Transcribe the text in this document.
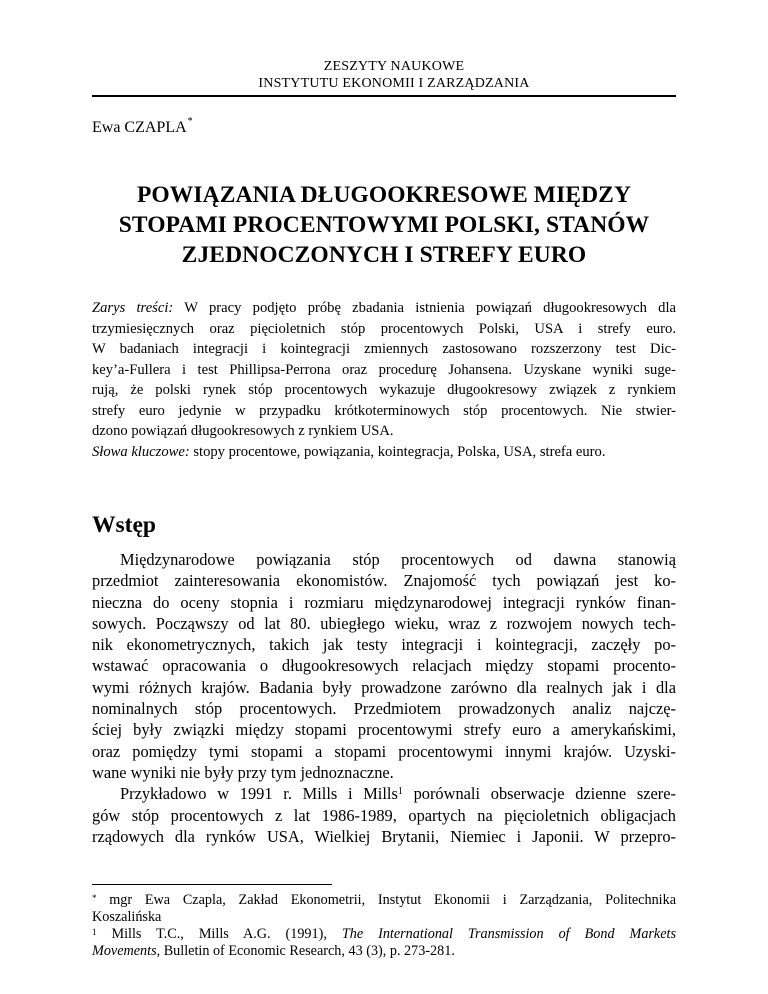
ZESZYTY NAUKOWE
INSTYTUTU EKONOMII I ZARZĄDZANIA
Ewa CZAPLA*
POWIĄZANIA DŁUGOOKRESOWE MIĘDZY
STOPAMI PROCENTOWYMI POLSKI, STANÓW
ZJEDNOCZONYCH I STREFY EURO
Zarys treści: W pracy podjęto próbę zbadania istnienia powiązań długookresowych dla
trzymiesięcznych oraz pięcioletnich stóp procentowych Polski, USA i strefy euro.
W badaniach integracji i kointegracji zmiennych zastosowano rozszerzony test Dic-
key’a-Fullera i test Phillipsa-Perrona oraz procedurę Johansena. Uzyskane wyniki suge-
rują, że polski rynek stóp procentowych wykazuje długookresowy związek z rynkiem
strefy euro jedynie w przypadku krótkoterminowych stóp procentowych. Nie stwier-
dzono powiązań długookresowych z rynkiem USA.
Słowa kluczowe: stopy procentowe, powiązania, kointegracja, Polska, USA, strefa euro.
Wstęp
Międzynarodowe powiązania stóp procentowych od dawna stanowią
przedmiot zainteresowania ekonomistów. Znajomość tych powiązań jest ko-
nieczna do oceny stopnia i rozmiaru międzynarodowej integracji rynków finan-
sowych. Począwszy od lat 80. ubiegłego wieku, wraz z rozwojem nowych tech-
nik ekonometrycznych, takich jak testy integracji i kointegracji, zaczęły po-
wstawać opracowania o długookresowych relacjach między stopami procento-
wymi różnych krajów. Badania były prowadzone zarówno dla realnych jak i dla
nominalnych stóp procentowych. Przedmiotem prowadzonych analiz najczę-
ściej były związki między stopami procentowymi strefy euro a amerykańskimi,
oraz pomiędzy tymi stopami a stopami procentowymi innymi krajów. Uzyski-
wane wyniki nie były przy tym jednoznaczne.
Przykładowo w 1991 r. Mills i Mills$^1$ porównali obserwacje dzienne szere-
gów stóp procentowych z lat 1986-1989, opartych na pięcioletnich obligacjach
rządowych dla rynków USA, Wielkiej Brytanii, Niemiec i Japonii. W przepro-
* mgr Ewa Czapla, Zakład Ekonometrii, Instytut Ekonomii i Zarządzania, Politechnika
Koszalińska
$^1$ Mills T.C., Mills A.G. (1991), The International Transmission of Bond Markets
Movements, Bulletin of Economic Research, 43 (3), p. 273-281.
